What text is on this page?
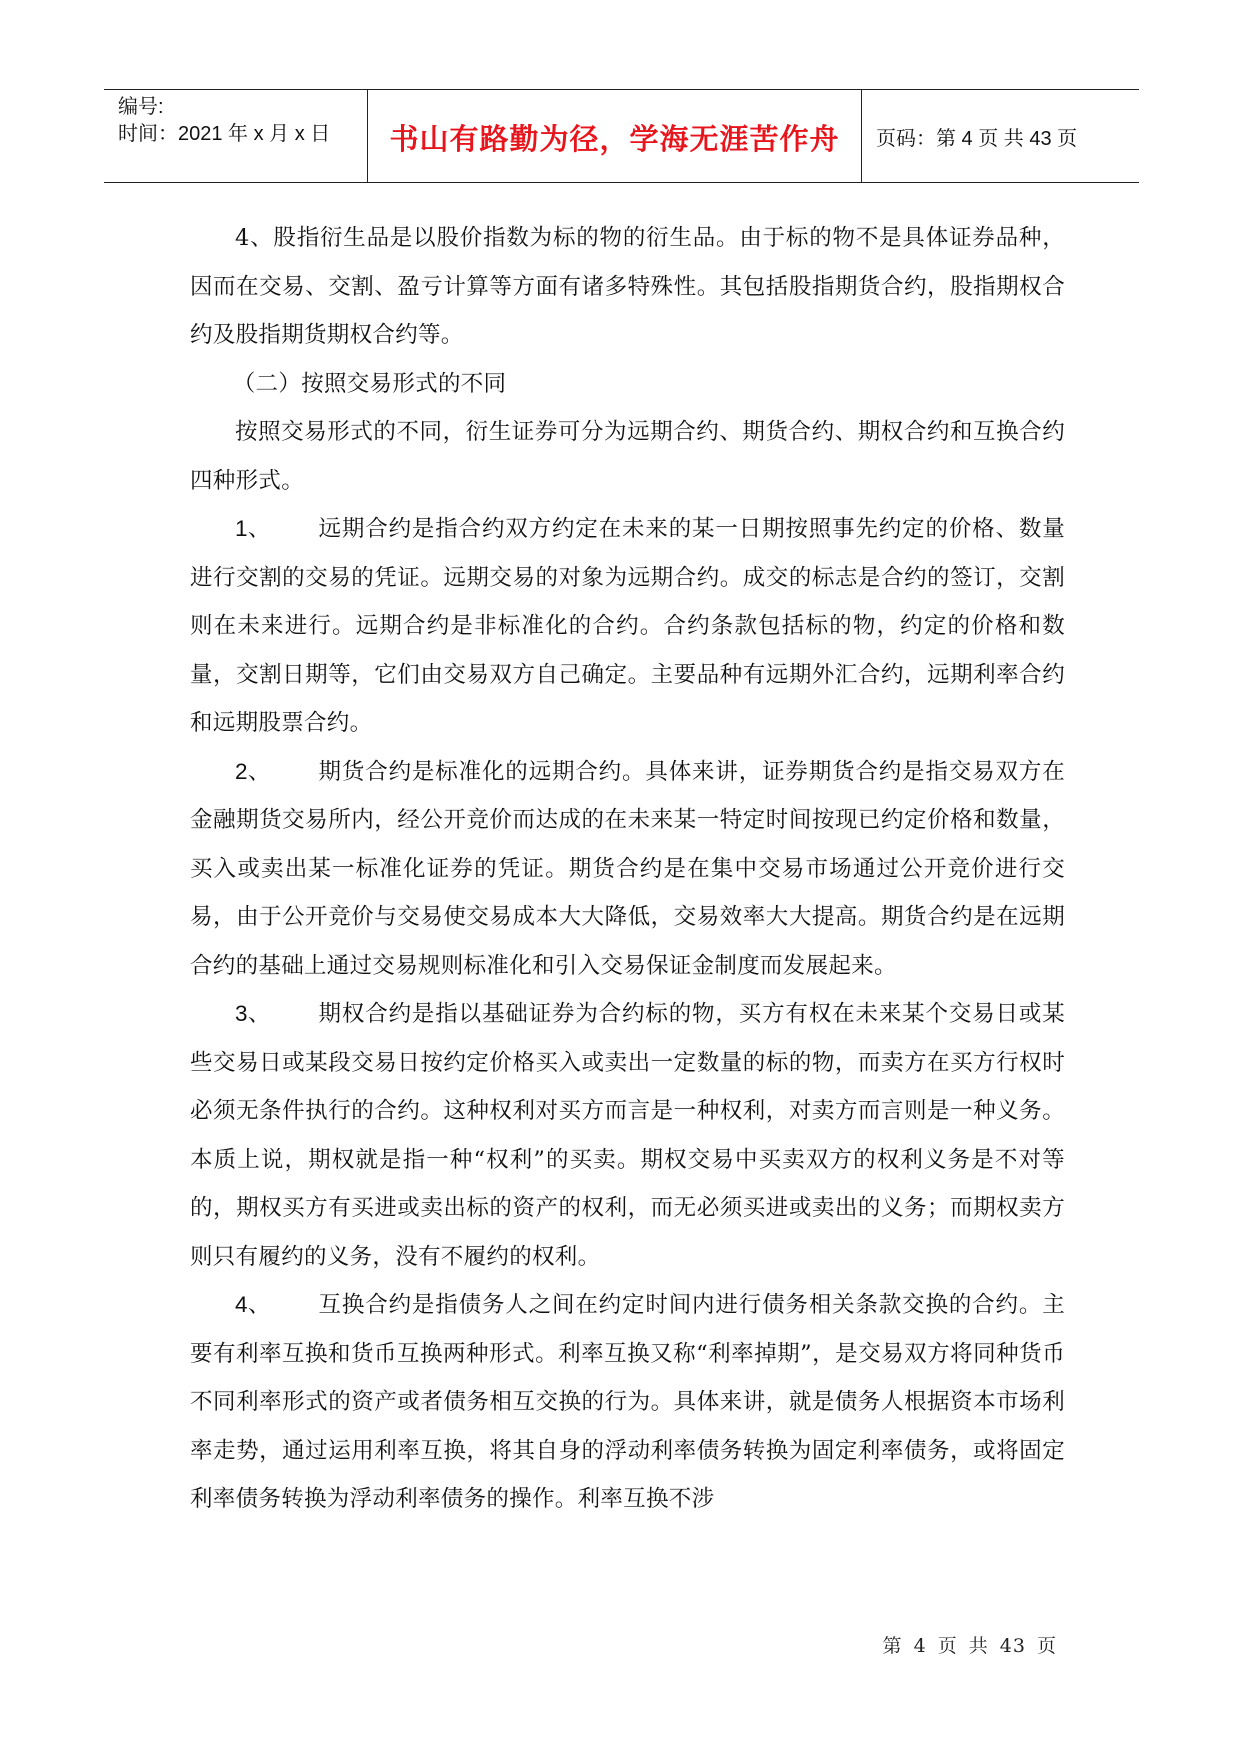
编号:
时间：2021 年 x 月 x 日	书山有路勤为径，学海无涯苦作舟 页码：第 4 页 共 43 页

4、股指衍生品是以股价指数为标的物的衍生品。由于标的物不是具体证券品种，因而在交易、交割、盈亏计算等方面有诸多特殊性。其包括股指期货合约，股指期权合约及股指期货期权合约等。

（二）按照交易形式的不同

按照交易形式的不同，衍生证券可分为远期合约、期货合约、期权合约和互换合约四种形式。

1、 远期合约是指合约双方约定在未来的某一日期按照事先约定的价格、数量进行交割的交易的凭证。远期交易的对象为远期合约。成交的标志是合约的签订，交割则在未来进行。远期合约是非标准化的合约。合约条款包括标的物，约定的价格和数量，交割日期等，它们由交易双方自己确定。主要品种有远期外汇合约，远期利率合约和远期股票合约。

2、 期货合约是标准化的远期合约。具体来讲，证券期货合约是指交易双方在金融期货交易所内，经公开竞价而达成的在未来某一特定时间按现已约定价格和数量，买入或卖出某一标准化证券的凭证。期货合约是在集中交易市场通过公开竞价进行交易，由于公开竞价与交易使交易成本大大降低，交易效率大大提高。期货合约是在远期合约的基础上通过交易规则标准化和引入交易保证金制度而发展起来。

3、 期权合约是指以基础证券为合约标的物，买方有权在未来某个交易日或某些交易日或某段交易日按约定价格买入或卖出一定数量的标的物，而卖方在买方行权时必须无条件执行的合约。这种权利对买方而言是一种权利，对卖方而言则是一种义务。本质上说，期权就是指一种“权利”的买卖。期权交易中买卖双方的权利义务是不对等的，期权买方有买进或卖出标的资产的权利，而无必须买进或卖出的义务；而期权卖方则只有履约的义务，没有不履约的权利。

4、 互换合约是指债务人之间在约定时间内进行债务相关条款交换的合约。主要有利率互换和货币互换两种形式。利率互换又称“利率掉期”，是交易双方将同种货币不同利率形式的资产或者债务相互交换的行为。具体来讲，就是债务人根据资本市场利率走势，通过运用利率互换，将其自身的浮动利率债务转换为固定利率债务，或将固定利率债务转换为浮动利率债务的操作。利率互换不涉

第 4 页 共 43 页
